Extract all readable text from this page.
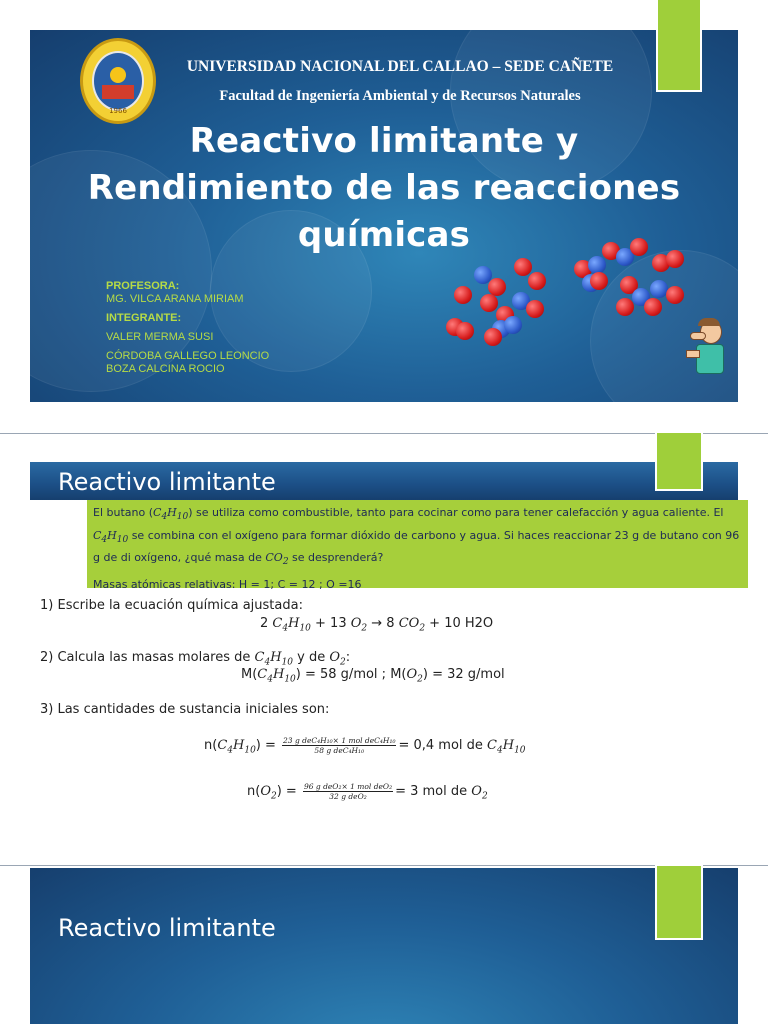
1966
UNIVERSIDAD NACIONAL DEL CALLAO – SEDE CAÑETE
Facultad de Ingeniería Ambiental y de Recursos Naturales
Reactivo limitante y
Rendimiento de las reacciones
químicas
PROFESORA:
MG. VILCA ARANA MIRIAM
INTEGRANTE:
VALER MERMA SUSI
CÓRDOBA GALLEGO LEONCIO
BOZA CALCINA ROCIO
Reactivo limitante
El butano $(C_4H_{10})$ se utiliza como combustible, tanto para cocinar como para tener calefacción y agua caliente. El $C_4H_{10}$ se combina con el oxígeno para formar dióxido de carbono y agua. Si haces reaccionar 23 g de butano con 96 g de di oxígeno, ¿qué masa de $CO_2$ se desprenderá?
Masas atómicas relativas: H = 1; C = 12 ; O =16
1) Escribe la ecuación química ajustada:
2 $C_4H_{10} + 13$ $O_2 \to 8$ $CO_2 + 10$ H2O
2) Calcula las masas molares de $C_4H_{10}$ y de $O_2$:
$M(C_4H_{10}) = 58$ g/mol ; $M(O_2) = 32$ g/mol
3) Las cantidades de sustancia iniciales son:
$n(C_4H_{10}) = \frac{\text{23 g deC₄H₁₀× 1 mol deC₄H₁₀}}{\text{58 g deC₄H₁₀}} = 0,4$ mol de $C_4H_{10}$
$n(O_2) = \frac{\text{96 g deO₂× 1 mol deO₂}}{\text{32 g deO₂}} = 3$ mol de $O_2$
Reactivo limitante
